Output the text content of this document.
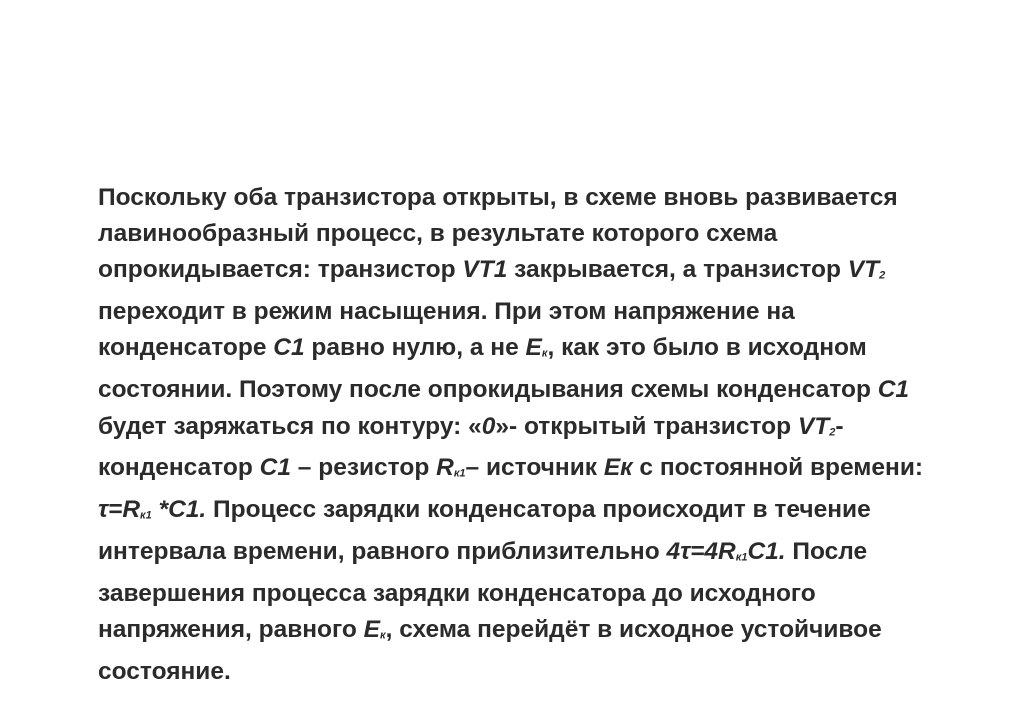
Поскольку оба транзистора открыты, в схеме вновь развивается
лавинообразный процесс, в результате которого схема
опрокидывается: транзистор VT1 закрывается, а транзистор VT2
переходит в режим насыщения. При этом напряжение на
конденсаторе C1 равно нулю, а не Eк, как это было в исходном
состоянии. Поэтому после опрокидывания схемы конденсатор C1
будет заряжаться по контуру: «0»- открытый транзистор VT2-
конденсатор C1 – резистор Rк1– источник Eк с постоянной времени:
τ=Rк1 *C1. Процесс зарядки конденсатора происходит в течение
интервала времени, равного приблизительно 4τ=4Rк1C1. После
завершения процесса зарядки конденсатора до исходного
напряжения, равного Eк, схема перейдёт в исходное устойчивое
состояние.
